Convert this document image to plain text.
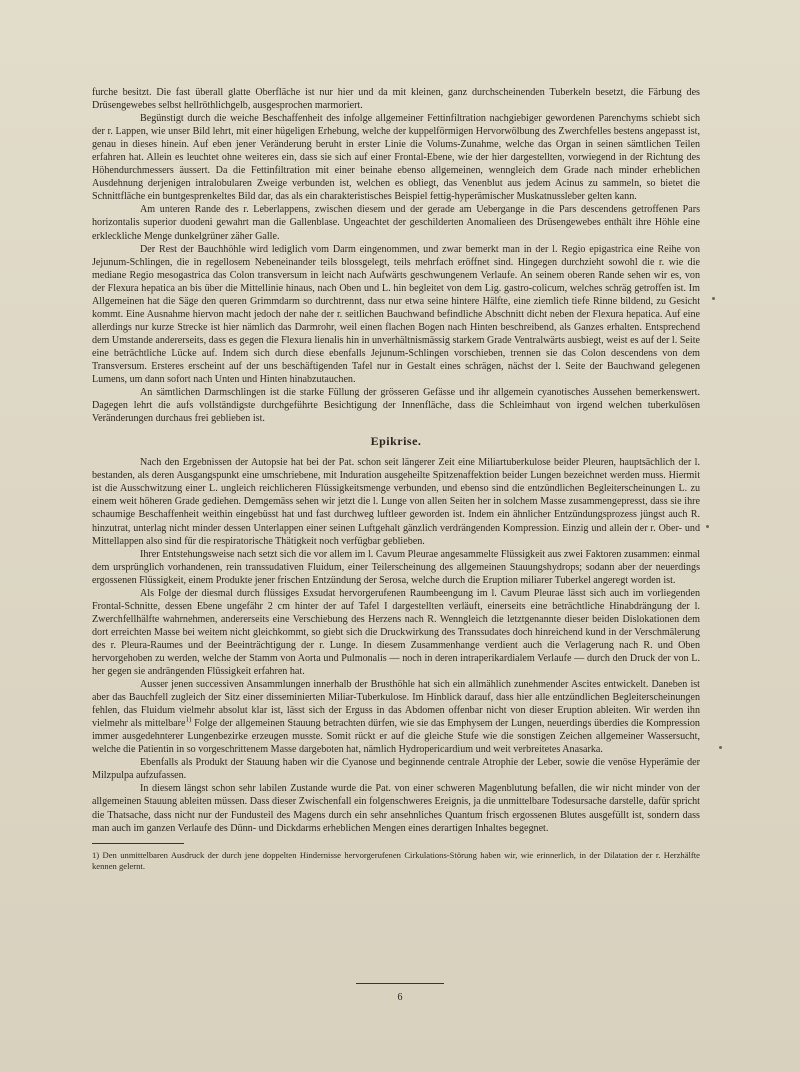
furche besitzt. Die fast überall glatte Oberfläche ist nur hier und da mit kleinen, ganz durchscheinenden Tuberkeln besetzt, die Färbung des Drüsengewebes selbst hellröthlichgelb, ausgesprochen marmoriert.

Begünstigt durch die weiche Beschaffenheit des infolge allgemeiner Fettinfiltration nachgiebiger gewordenen Parenchyms schiebt sich der r. Lappen, wie unser Bild lehrt, mit einer hügeligen Erhebung, welche der kuppelförmigen Hervorwölbung des Zwerchfelles bestens angepasst ist, genau in dieses hinein. Auf eben jener Veränderung beruht in erster Linie die Volums-Zunahme, welche das Organ in seinen sämtlichen Teilen erfahren hat. Allein es leuchtet ohne weiteres ein, dass sie sich auf einer Frontal-Ebene, wie der hier dargestellten, vorwiegend in der Richtung des Höhendurchmessers äussert. Da die Fettinfiltration mit einer beinahe ebenso allgemeinen, wenngleich dem Grade nach minder erheblichen Ausdehnung derjenigen intralobularen Zweige verbunden ist, welchen es obliegt, das Venenblut aus jedem Acinus zu sammeln, so bietet die Schnittfläche ein buntgesprenkeltes Bild dar, das als ein charakteristisches Beispiel fettig-hyperämischer Muskatnussleber gelten kann.

Am unteren Rande des r. Leberlappens, zwischen diesem und der gerade am Uebergange in die Pars descendens getroffenen Pars horizontalis superior duodeni gewahrt man die Gallenblase. Ungeachtet der geschilderten Anomalieen des Drüsengewebes enthält ihre Höhle eine erkleckliche Menge dunkelgrüner zäher Galle.

Der Rest der Bauchhöhle wird lediglich vom Darm eingenommen, und zwar bemerkt man in der l. Regio epigastrica eine Reihe von Jejunum-Schlingen, die in regellosem Nebeneinander teils blossgelegt, teils mehrfach eröffnet sind. Hingegen durchzieht sowohl die r. wie die mediane Regio mesogastrica das Colon transversum in leicht nach Aufwärts geschwungenem Verlaufe. An seinem oberen Rande sehen wir es, von der Flexura hepatica an bis über die Mittellinie hinaus, nach Oben und L. hin begleitet von dem Lig. gastro-colicum, welches schräg getroffen ist. Im Allgemeinen hat die Säge den queren Grimmdarm so durchtrennt, dass nur etwa seine hintere Hälfte, eine ziemlich tiefe Rinne bildend, zu Gesicht kommt. Eine Ausnahme hiervon macht jedoch der nahe der r. seitlichen Bauchwand befindliche Abschnitt dicht neben der Flexura hepatica. Auf eine allerdings nur kurze Strecke ist hier nämlich das Darmrohr, weil einen flachen Bogen nach Hinten beschreibend, als Ganzes erhalten. Entsprechend dem Umstande andererseits, dass es gegen die Flexura lienalis hin in unverhältnismässig starkem Grade Ventralwärts ausbiegt, weist es auf der l. Seite eine beträchtliche Lücke auf. Indem sich durch diese ebenfalls Jejunum-Schlingen vorschieben, trennen sie das Colon descendens von dem Transversum. Ersteres erscheint auf der uns beschäftigenden Tafel nur in Gestalt eines schrägen, nächst der l. Seite der Bauchwand gelegenen Lumens, um dann sofort nach Unten und Hinten hinabzutauchen.

An sämtlichen Darmschlingen ist die starke Füllung der grösseren Gefässe und ihr allgemein cyanotisches Aussehen bemerkenswert. Dagegen lehrt die aufs vollständigste durchgeführte Besichtigung der Innenfläche, dass die Schleimhaut von irgend welchen tuberkulösen Veränderungen durchaus frei geblieben ist.

Epikrise.

Nach den Ergebnissen der Autopsie hat bei der Pat. schon seit längerer Zeit eine Miliartuberkulose beider Pleuren, hauptsächlich der l. bestanden, als deren Ausgangspunkt eine umschriebene, mit Induration ausgeheilte Spitzenaffektion beider Lungen bezeichnet werden muss. Hiermit ist die Ausschwitzung einer L. ungleich reichlicheren Flüssigkeitsmenge verbunden, und ebenso sind die entzündlichen Begleiterscheinungen L. zu einem weit höheren Grade gediehen. Demgemäss sehen wir jetzt die l. Lunge von allen Seiten her in solchem Masse zusammengepresst, dass sie ihre schaumige Beschaffenheit weithin eingebüsst hat und fast durchweg luftleer geworden ist. Indem ein ähnlicher Entzündungsprozess jüngst auch R. hinzutrat, unterlag nicht minder dessen Unterlappen einer seinen Luftgehalt gänzlich verdrängenden Kompression. Einzig und allein der r. Ober- und Mittellappen also sind für die respiratorische Thätigkeit noch verfügbar geblieben.

Ihrer Entstehungsweise nach setzt sich die vor allem im l. Cavum Pleurae angesammelte Flüssigkeit aus zwei Faktoren zusammen: einmal dem ursprünglich vorhandenen, rein transsudativen Fluidum, einer Teilerscheinung des allgemeinen Stauungshydrops; sodann aber der neuerdings ergossenen Flüssigkeit, einem Produkte jener frischen Entzündung der Serosa, welche durch die Eruption miliarer Tuberkel angeregt worden ist.

Als Folge der diesmal durch flüssiges Exsudat hervorgerufenen Raumbeengung im l. Cavum Pleurae lässt sich auch im vorliegenden Frontal-Schnitte, dessen Ebene ungefähr 2 cm hinter der auf Tafel I dargestellten verläuft, einerseits eine beträchtliche Hinabdrängung der l. Zwerchfellhälfte wahrnehmen, andererseits eine Verschiebung des Herzens nach R. Wenngleich die letztgenannte dieser beiden Dislokationen dem dort erreichten Masse bei weitem nicht gleichkommt, so giebt sich die Druckwirkung des Transsudates doch hinreichend kund in der Verschmälerung des r. Pleura-Raumes und der Beeinträchtigung der r. Lunge. In diesem Zusammenhange verdient auch die Verlagerung nach R. und Oben hervorgehoben zu werden, welche der Stamm von Aorta und Pulmonalis — noch in deren intraperikardialem Verlaufe — durch den Druck der von L. her gegen sie andrängenden Flüssigkeit erfahren hat.

Ausser jenen successiven Ansammlungen innerhalb der Brusthöhle hat sich ein allmählich zunehmender Ascites entwickelt. Daneben ist aber das Bauchfell zugleich der Sitz einer disseminierten Miliar-Tuberkulose. Im Hinblick darauf, dass hier alle entzündlichen Begleiterscheinungen fehlen, das Fluidum vielmehr absolut klar ist, lässt sich der Erguss in das Abdomen offenbar nicht von dieser Eruption ableiten. Wir werden ihn vielmehr als mittelbare$^{1)}$ Folge der allgemeinen Stauung betrachten dürfen, wie sie das Emphysem der Lungen, neuerdings überdies die Kompression immer ausgedehnterer Lungenbezirke erzeugen musste. Somit rückt er auf die gleiche Stufe wie die sonstigen Zeichen allgemeiner Wassersucht, welche die Patientin in so vorgeschrittenem Masse dargeboten hat, nämlich Hydropericardium und weit verbreitetes Anasarka.

Ebenfalls als Produkt der Stauung haben wir die Cyanose und beginnende centrale Atrophie der Leber, sowie die venöse Hyperämie der Milzpulpa aufzufassen.

In diesem längst schon sehr labilen Zustande wurde die Pat. von einer schweren Magenblutung befallen, die wir nicht minder von der allgemeinen Stauung ableiten müssen. Dass dieser Zwischenfall ein folgenschweres Ereignis, ja die unmittelbare Todesursache darstelle, dafür spricht die Thatsache, dass nicht nur der Fundusteil des Magens durch ein sehr ansehnliches Quantum frisch ergossenen Blutes ausgefüllt ist, sondern dass man auch im ganzen Verlaufe des Dünn- und Dickdarms erheblichen Mengen eines derartigen Inhaltes begegnet.

1) Den unmittelbaren Ausdruck der durch jene doppelten Hindernisse hervorgerufenen Cirkulations-Störung haben wir, wie erinnerlich, in der Dilatation der r. Herzhälfte kennen gelernt.

6
